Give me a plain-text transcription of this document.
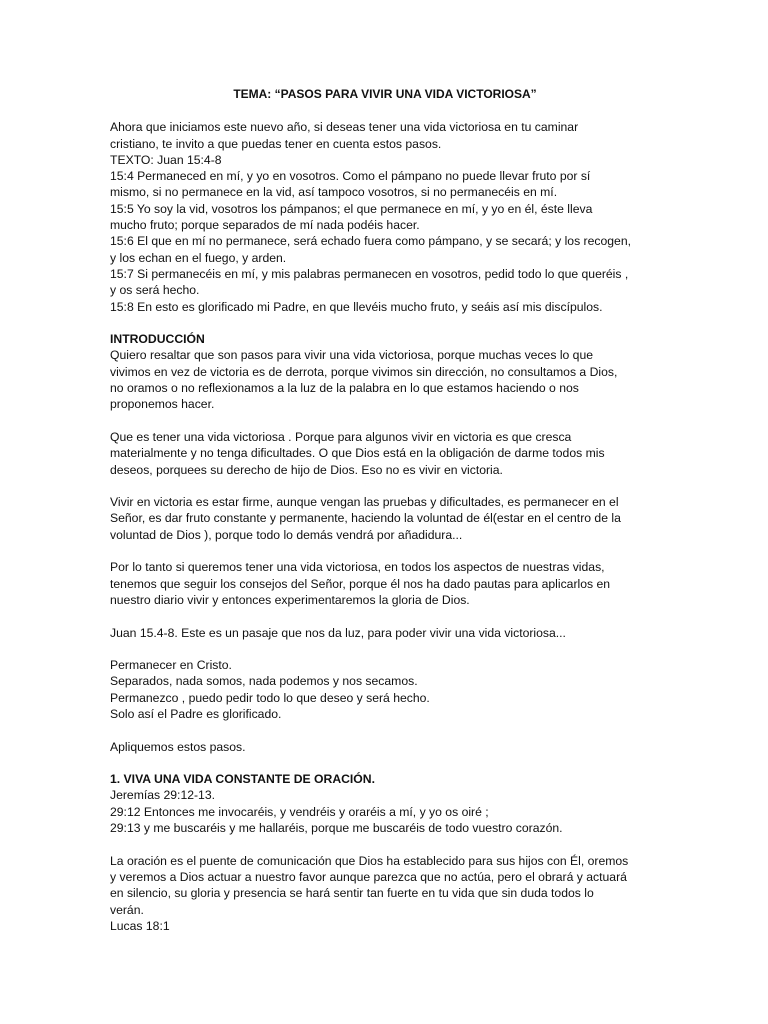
TEMA: “PASOS PARA VIVIR UNA VIDA VICTORIOSA”

Ahora que iniciamos este nuevo año, si deseas tener una vida victoriosa en tu caminar

cristiano, te invito a que puedas tener en cuenta estos pasos.

TEXTO: Juan 15:4-8

15:4 Permaneced en mí, y yo en vosotros. Como el pámpano no puede llevar fruto por sí

mismo, si no permanece en la vid, así tampoco vosotros, si no permanecéis en mí.

15:5 Yo soy la vid, vosotros los pámpanos; el que permanece en mí, y yo en él, éste lleva

mucho fruto; porque separados de mí nada podéis hacer.

15:6 El que en mí no permanece, será echado fuera como pámpano, y se secará; y los recogen,

y los echan en el fuego, y arden.

15:7 Si permanecéis en mí, y mis palabras permanecen en vosotros, pedid todo lo que queréis ,

y os será hecho.

15:8 En esto es glorificado mi Padre, en que llevéis mucho fruto, y seáis así mis discípulos.

INTRODUCCIÓN

Quiero resaltar que son pasos para vivir una vida victoriosa, porque muchas veces lo que

vivimos en vez de victoria es de derrota, porque vivimos sin dirección, no consultamos a Dios,

no oramos o no reflexionamos a la luz de la palabra en lo que estamos haciendo o nos

proponemos hacer.

Que es tener una vida victoriosa . Porque para algunos vivir en victoria es que cresca

materialmente y no tenga dificultades. O que Dios está en la obligación de darme todos mis

deseos, porquees su derecho de hijo de Dios. Eso no es vivir en victoria.

Vivir en victoria es estar firme, aunque vengan las pruebas y dificultades, es permanecer en el

Señor, es dar fruto constante y permanente, haciendo la voluntad de él(estar en el centro de la

voluntad de Dios ), porque todo lo demás vendrá por añadidura...

Por lo tanto si queremos tener una vida victoriosa, en todos los aspectos de nuestras vidas,

tenemos que seguir los consejos del Señor, porque él nos ha dado pautas para aplicarlos en

nuestro diario vivir y entonces experimentaremos la gloria de Dios.

Juan 15.4-8. Este es un pasaje que nos da luz, para poder vivir una vida victoriosa...

Permanecer en Cristo.

Separados, nada somos, nada podemos y nos secamos.

Permanezco , puedo pedir todo lo que deseo y será hecho.

Solo así el Padre es glorificado.

Apliquemos estos pasos.

1. VIVA UNA VIDA CONSTANTE DE ORACIÓN.

Jeremías 29:12-13.

29:12 Entonces me invocaréis, y vendréis y oraréis a mí, y yo os oiré ;

29:13 y me buscaréis y me hallaréis, porque me buscaréis de todo vuestro corazón.

La oración es el puente de comunicación que Dios ha establecido para sus hijos con Él, oremos

y veremos a Dios actuar a nuestro favor aunque parezca que no actúa, pero el obrará y actuará

en silencio, su gloria y presencia se hará sentir tan fuerte en tu vida que sin duda todos lo

verán.

Lucas 18:1
